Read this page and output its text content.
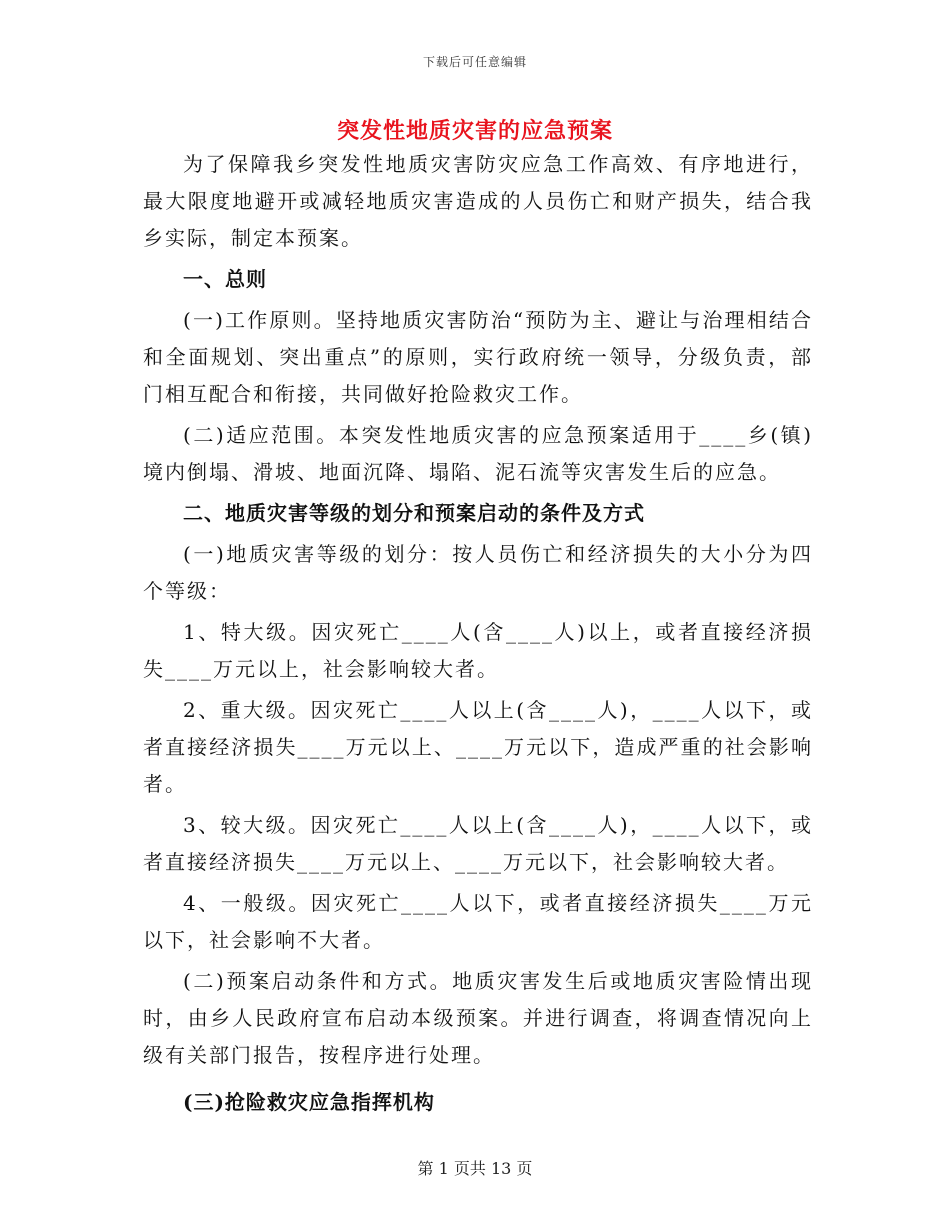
下载后可任意编辑
突发性地质灾害的应急预案

为了保障我乡突发性地质灾害防灾应急工作高效、有序地进行，最大限度地避开或减轻地质灾害造成的人员伤亡和财产损失，结合我乡实际，制定本预案。

一、总则

(一)工作原则。坚持地质灾害防治“预防为主、避让与治理相结合和全面规划、突出重点”的原则，实行政府统一领导，分级负责，部门相互配合和衔接，共同做好抢险救灾工作。

(二)适应范围。本突发性地质灾害的应急预案适用于____乡(镇)境内倒塌、滑坡、地面沉降、塌陷、泥石流等灾害发生后的应急。

二、地质灾害等级的划分和预案启动的条件及方式

(一)地质灾害等级的划分：按人员伤亡和经济损失的大小分为四个等级：

1、特大级。因灾死亡____人(含____人)以上，或者直接经济损失____万元以上，社会影响较大者。

2、重大级。因灾死亡____人以上(含____人)，____人以下，或者直接经济损失____万元以上、____万元以下，造成严重的社会影响者。

3、较大级。因灾死亡____人以上(含____人)，____人以下，或者直接经济损失____万元以上、____万元以下，社会影响较大者。

4、一般级。因灾死亡____人以下，或者直接经济损失____万元以下，社会影响不大者。

(二)预案启动条件和方式。地质灾害发生后或地质灾害险情出现时，由乡人民政府宣布启动本级预案。并进行调查，将调查情况向上级有关部门报告，按程序进行处理。

(三)抢险救灾应急指挥机构

第 1 页共 13 页
